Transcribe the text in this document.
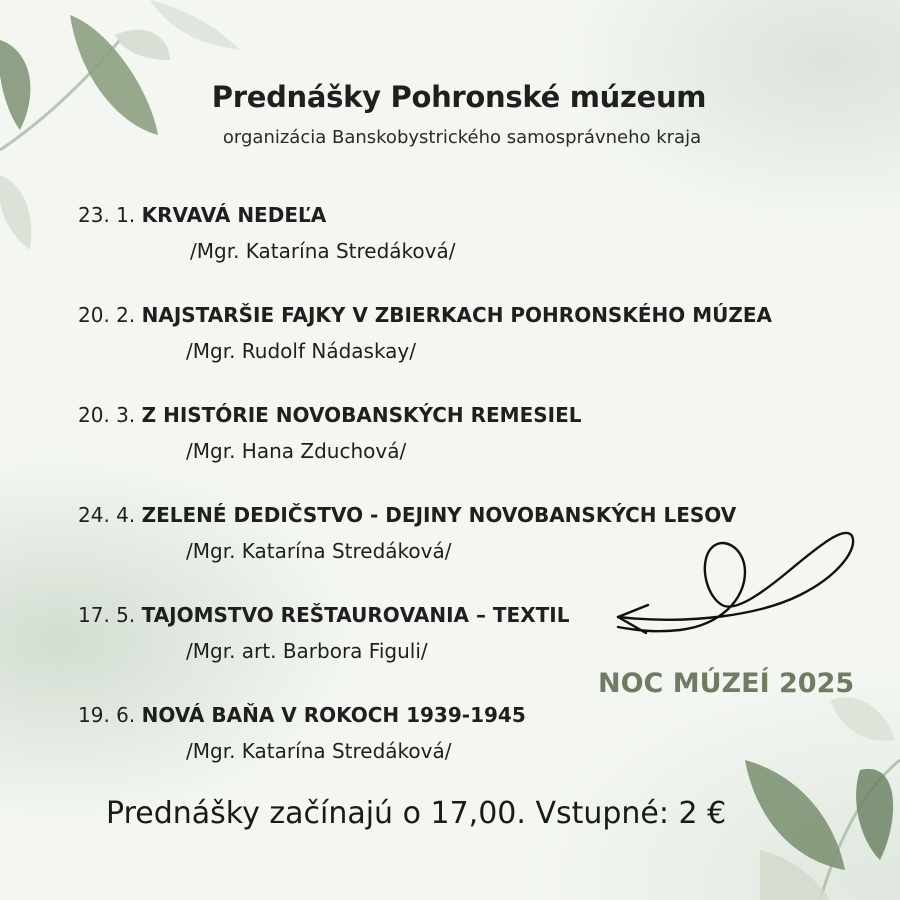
Prednášky Pohronské múzeum
organizácia Banskobystrického samosprávneho kraja
23. 1. KRVAVÁ NEDEĽA
/Mgr. Katarína Stredáková/
20. 2. NAJSTARŠIE FAJKY V ZBIERKACH POHRONSKÉHO MÚZEA
/Mgr. Rudolf Nádaskay/
20. 3. Z HISTÓRIE NOVOBANSKÝCH REMESIEL
/Mgr. Hana Zduchová/
24. 4. ZELENÉ DEDIČSTVO - DEJINY NOVOBANSKÝCH LESOV
/Mgr. Katarína Stredáková/
17. 5. TAJOMSTVO REŠTAURОVANIA – TEXTIL
/Mgr. art. Barbora Figuli/
19. 6. NOVÁ BAŇA V ROKOCH 1939-1945
/Mgr. Katarína Stredáková/
NOC MÚZEÍ 2025
Prednášky začínajú o 17,00. Vstupné: 2 €
